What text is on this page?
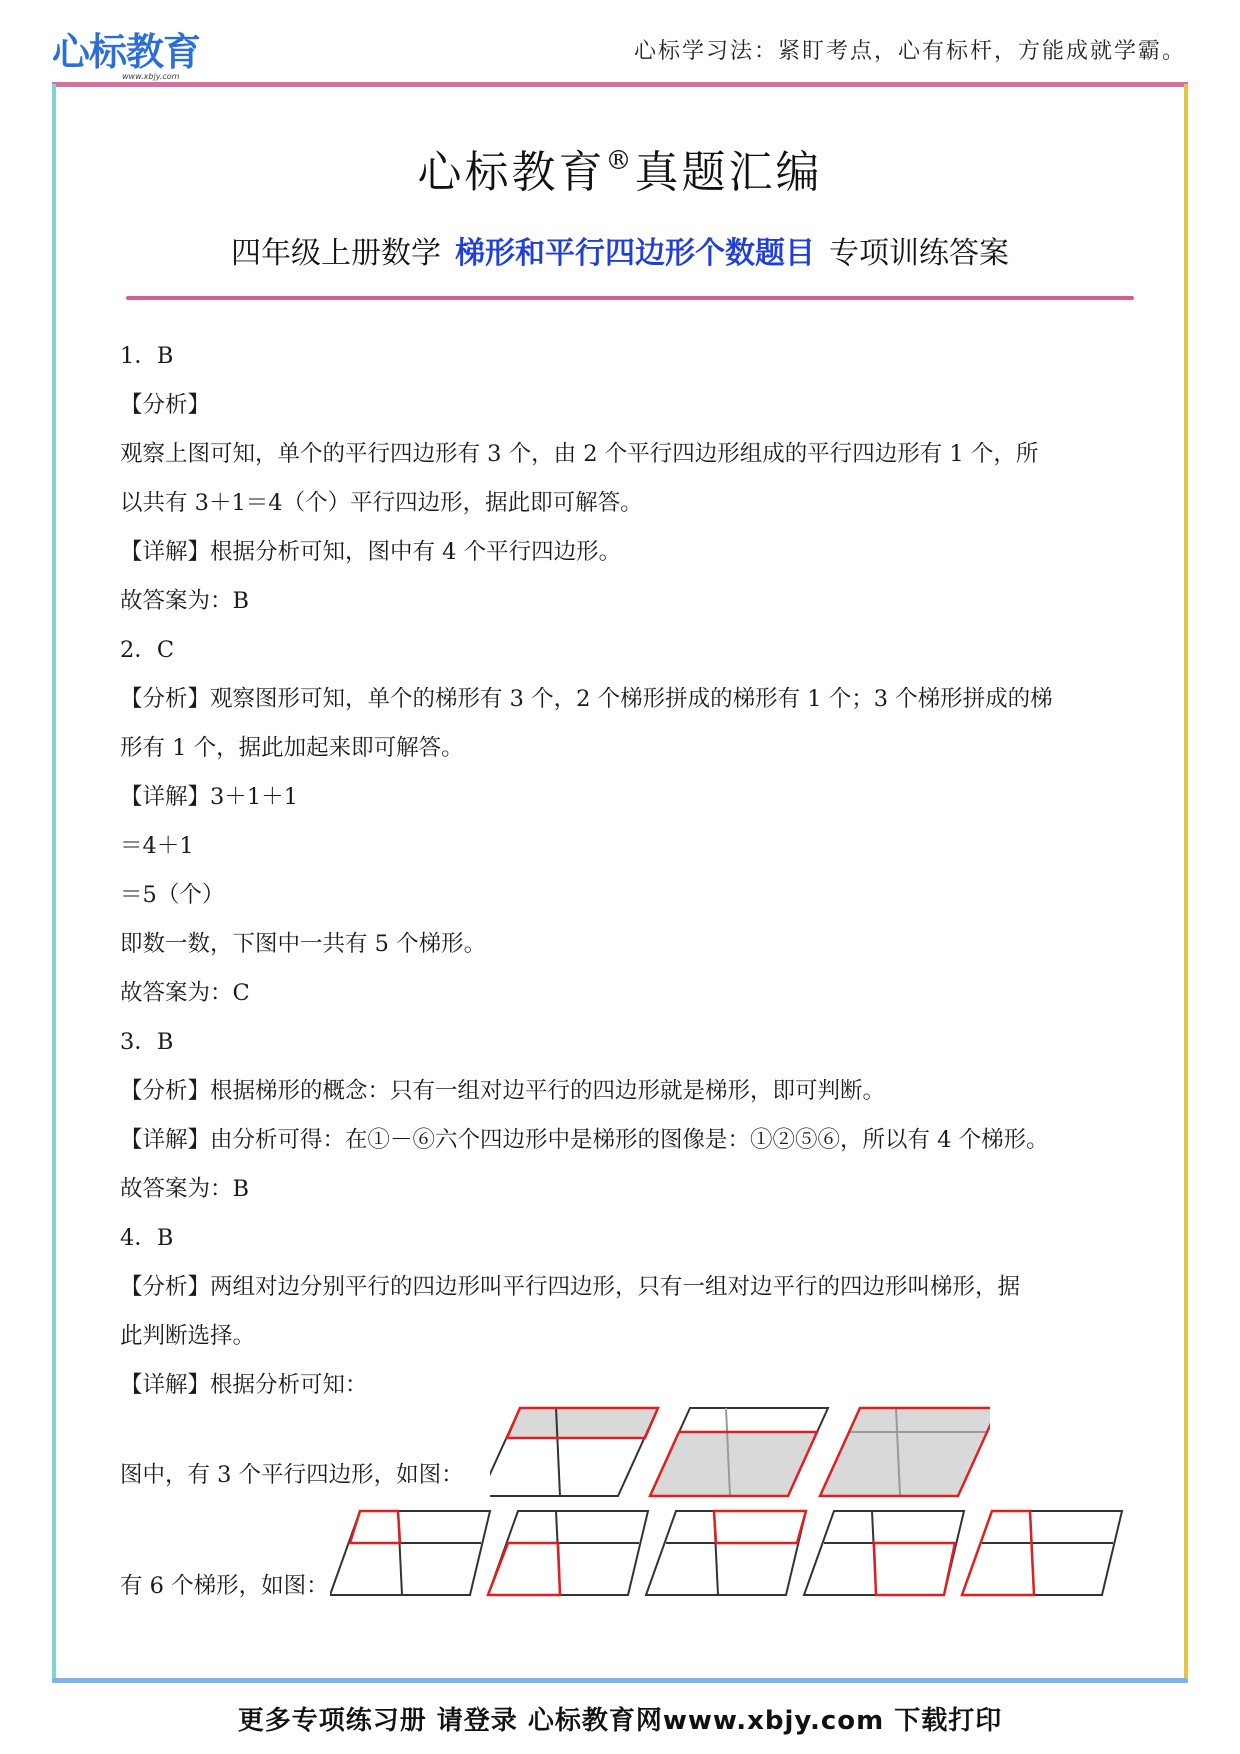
心标教育
www.xbjy.com
心标学习法：紧盯考点，心有标杆，方能成就学霸。
心标教育®真题汇编
四年级上册数学 梯形和平行四边形个数题目 专项训练答案
1．B
【分析】
观察上图可知，单个的平行四边形有 3 个，由 2 个平行四边形组成的平行四边形有 1 个，所
以共有 3＋1＝4（个）平行四边形，据此即可解答。
【详解】根据分析可知，图中有 4 个平行四边形。
故答案为：B
2．C
【分析】观察图形可知，单个的梯形有 3 个，2 个梯形拼成的梯形有 1 个；3 个梯形拼成的梯
形有 1 个，据此加起来即可解答。
【详解】3＋1＋1
＝4＋1
＝5（个）
即数一数，下图中一共有 5 个梯形。
故答案为：C
3．B
【分析】根据梯形的概念：只有一组对边平行的四边形就是梯形，即可判断。
【详解】由分析可得：在①－⑥六个四边形中是梯形的图像是：①②⑤⑥，所以有 4 个梯形。
故答案为：B
4．B
【分析】两组对边分别平行的四边形叫平行四边形，只有一组对边平行的四边形叫梯形，据
此判断选择。
【详解】根据分析可知：
图中，有 3 个平行四边形，如图：
有 6 个梯形，如图：
更多专项练习册 请登录 心标教育网www.xbjy.com 下载打印
